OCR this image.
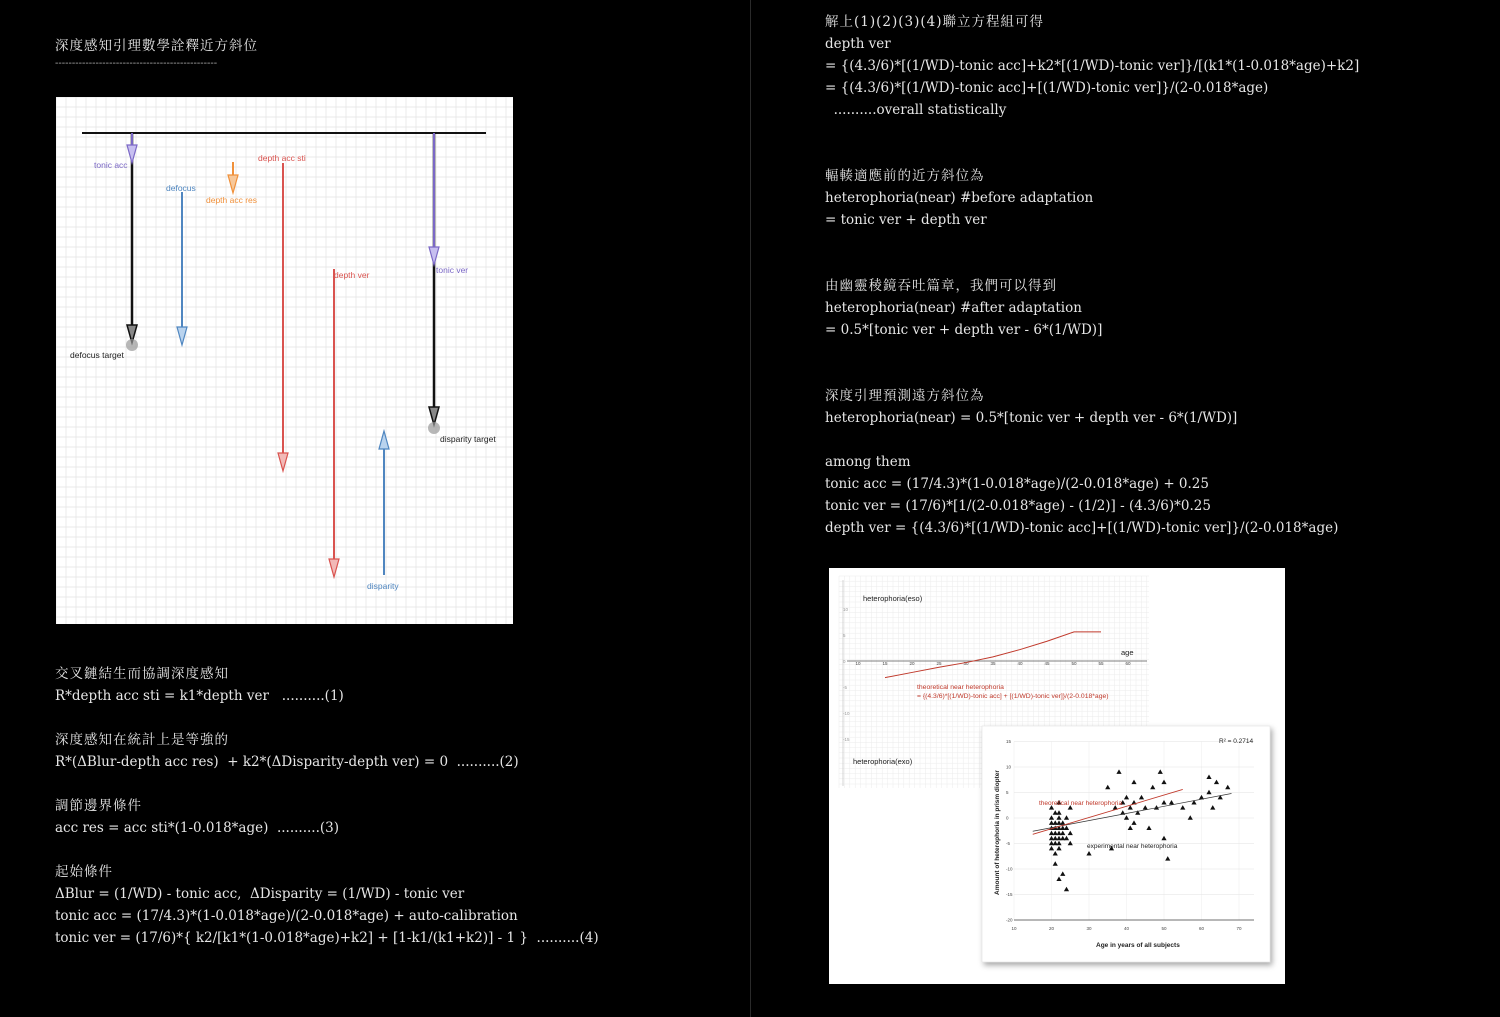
深度感知引理數學詮釋近方斜位
------------------------------------------------
tonic acc
defocus
depth acc res
depth acc sti
depth ver	tonic ver
defocus target
disparity target
disparity
交叉鏈結生而協調深度感知
R*depth acc sti = k1*depth ver   ..........(1)
深度感知在統計上是等強的
R*(ΔBlur-depth acc res)  + k2*(ΔDisparity-depth ver) = 0  ..........(2)
調節邊界條件
acc res = acc sti*(1-0.018*age)  ..........(3)
起始條件
ΔBlur = (1/WD) - tonic acc,  ΔDisparity = (1/WD) - tonic ver
tonic acc = (17/4.3)*(1-0.018*age)/(2-0.018*age) + auto-calibration
tonic ver = (17/6)*{ k2/[k1*(1-0.018*age)+k2] + [1-k1/(k1+k2)] - 1 }  ..........(4)
解上(1)(2)(3)(4)聯立方程組可得
depth ver
= {(4.3/6)*[(1/WD)-tonic acc]+k2*[(1/WD)-tonic ver]}/[(k1*(1-0.018*age)+k2]
= {(4.3/6)*[(1/WD)-tonic acc]+[(1/WD)-tonic ver]}/(2-0.018*age)
..........overall statistically
輻輳適應前的近方斜位為
heterophoria(near) #before adaptation
= tonic ver + depth ver
由幽靈稜鏡吞吐篇章，我們可以得到
heterophoria(near) #after adaptation
= 0.5*[tonic ver + depth ver - 6*(1/WD)]
深度引理預測遠方斜位為
heterophoria(near) = 0.5*[tonic ver + depth ver - 6*(1/WD)]
among them
tonic acc = (17/4.3)*(1-0.018*age)/(2-0.018*age) + 0.25
tonic ver = (17/6)*[1/(2-0.018*age) - (1/2)] - (4.3/6)*0.25
depth ver = {(4.3/6)*[(1/WD)-tonic acc]+[(1/WD)-tonic ver]}/(2-0.018*age)
10	15	20	25	30	35	40	45	50	55	60
10
5
0
-5
-10
-15
heterophoria(eso)
heterophoria(exo)
age
theoretical near heterophoria
= {(4.3/6)*[(1/WD)-tonic acc] + [(1/WD)-tonic ver]}/(2-0.018*age)
10	20	30	40	50	60	70
15
10
5
0
-5
-10
-15
-20
R² = 0.2714
theoretical near heterophoria
experimental near heterophoria
Age in years of all subjects
Amount of heterophoria in prism diopter
